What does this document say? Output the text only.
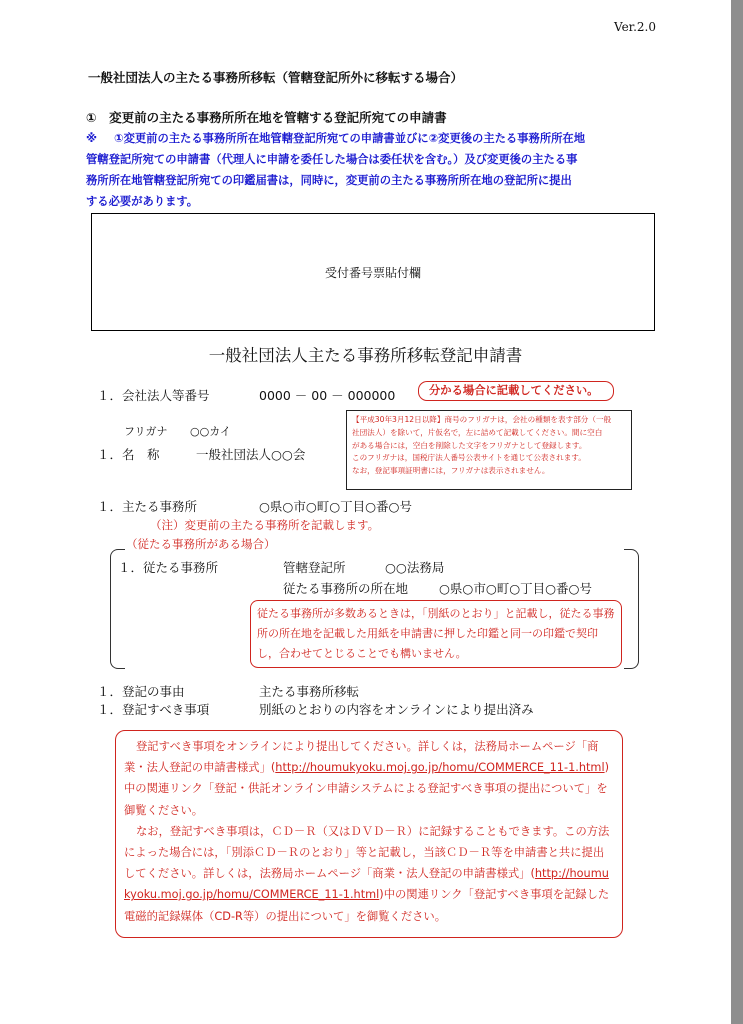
Ver.2.0
一般社団法人の主たる事務所移転（管轄登記所外に移転する場合）
①　変更前の主たる事務所所在地を管轄する登記所宛ての申請書
※ ①変更前の主たる事務所所在地管轄登記所宛ての申請書並びに②変更後の主たる事務所所在地
管轄登記所宛ての申請書（代理人に申請を委任した場合は委任状を含む。）及び変更後の主たる事
務所所在地管轄登記所宛ての印鑑届書は，同時に，変更前の主たる事務所所在地の登記所に提出
する必要があります。
受付番号票貼付欄
一般社団法人主たる事務所移転登記申請書
１．会社法人等番号	0000 － 00 － 000000	分かる場合に記載してください。
フリガナ ○○カイ
１．名　称	一般社団法人○○会
【平成30年3月12日以降】商号のフリガナは，会社の種類を表す部分（一般
社団法人）を除いて，片仮名で，左に詰めて記載してください。間に空白
がある場合には，空白を削除した文字をフリガナとして登録します。
このフリガナは，国税庁法人番号公表サイトを通じて公表されます。
なお，登記事項証明書には，フリガナは表示されません。
１．主たる事務所	○県○市○町○丁目○番○号
（注）変更前の主たる事務所を記載します。
（従たる事務所がある場合）
１．従たる事務所	管轄登記所	○○法務局
従たる事務所の所在地 ○県○市○町○丁目○番○号
従たる事務所が多数あるときは，「別紙のとおり」と記載し，従たる事務所の所在地を記載した用紙を申請書に押した印鑑と同一の印鑑で契印し，合わせてとじることでも構いません。
１．登記の事由	主たる事務所移転
１．登記すべき事項	別紙のとおりの内容をオンラインにより提出済み
登記すべき事項をオンラインにより提出してください。詳しくは，法務局ホームページ「商業・法人登記の申請書様式」(http://houmukyoku.moj.go.jp/homu/COMMERCE_11-1.html)中の関連リンク「登記・供託オンライン申請システムによる登記すべき事項の提出について」を御覧ください。
なお，登記すべき事項は，ＣＤ－Ｒ（又はＤＶＤ－Ｒ）に記録することもできます。この方法によった場合には，「別添ＣＤ－Ｒのとおり」等と記載し，当該ＣＤ－Ｒ等を申請書と共に提出してください。詳しくは，法務局ホームページ「商業・法人登記の申請書様式」(http://houmukyoku.moj.go.jp/homu/COMMERCE_11-1.html)中の関連リンク「登記すべき事項を記録した電磁的記録媒体（CD-R等）の提出について」を御覧ください。
